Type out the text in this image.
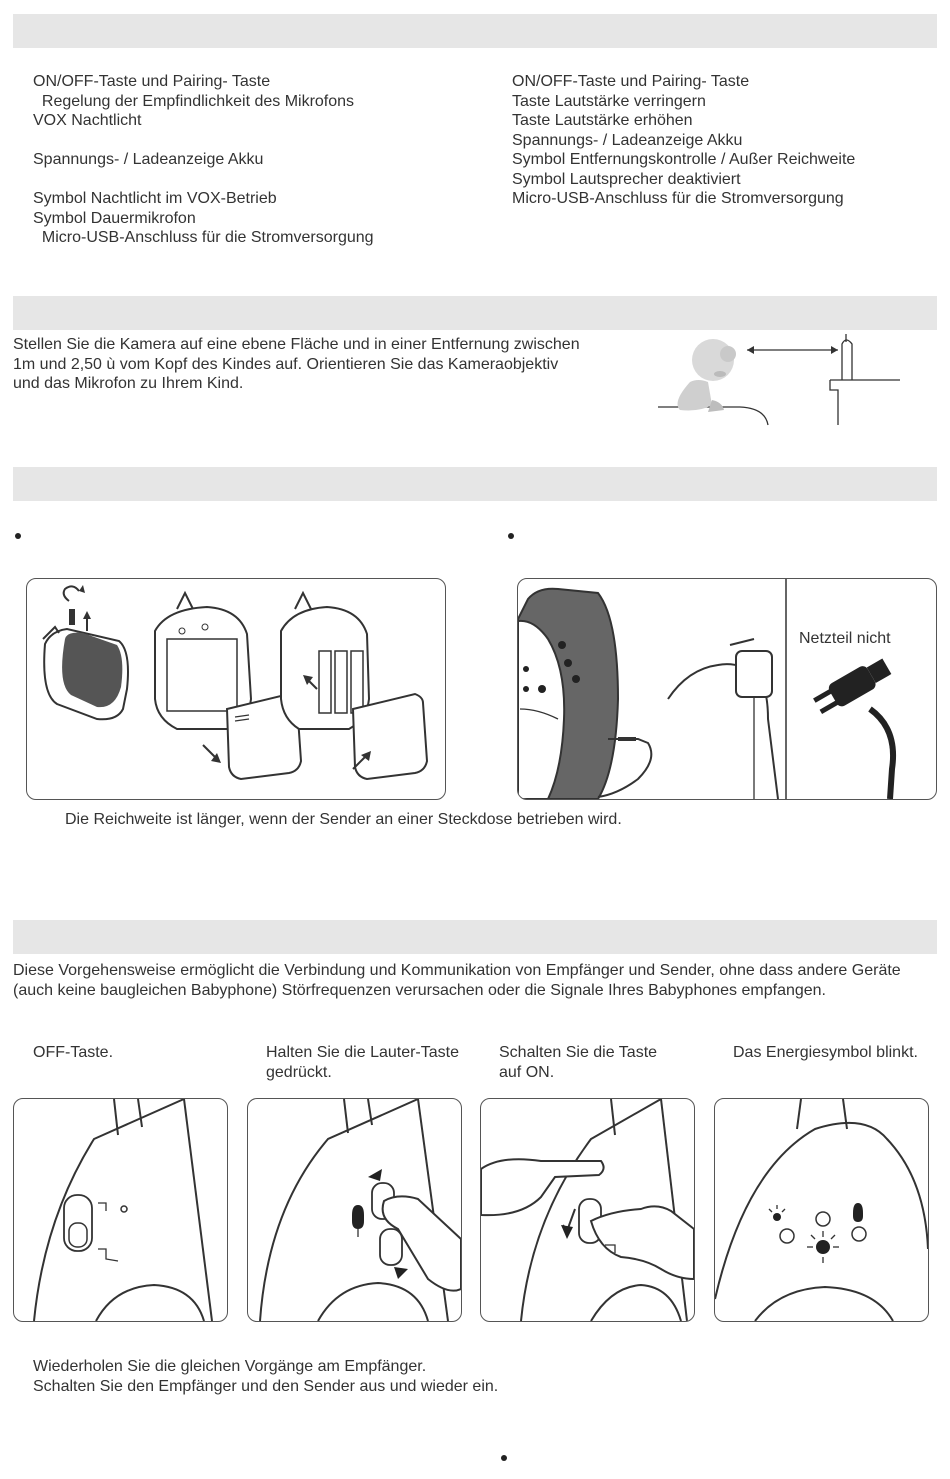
ON/OFF-Taste und Pairing- Taste
Regelung der Empfindlichkeit des Mikrofons
VOX Nachtlicht
Spannungs- / Ladeanzeige Akku
Symbol Nachtlicht im VOX-Betrieb
Symbol Dauermikrofon
Micro-USB-Anschluss für die Stromversorgung
ON/OFF-Taste und Pairing- Taste
Taste Lautstärke verringern
Taste Lautstärke erhöhen
Spannungs- / Ladeanzeige Akku
Symbol Entfernungskontrolle / Außer Reichweite
Symbol Lautsprecher deaktiviert
Micro-USB-Anschluss für die Stromversorgung
Stellen Sie die Kamera auf eine ebene Fläche und in einer Entfernung zwischen
1m und 2,50 ù vom Kopf des Kindes auf. Orientieren Sie das Kameraobjektiv
und das Mikrofon zu Ihrem Kind.
Netzteil nicht
Die Reichweite ist länger, wenn der Sender an einer Steckdose betrieben wird.
Diese Vorgehensweise ermöglicht die Verbindung und Kommunikation von Empfänger und Sender, ohne dass andere Geräte
(auch keine baugleichen Babyphone) Störfrequenzen verursachen oder die Signale Ihres Babyphones empfangen.
OFF-Taste.	Halten Sie die Lauter-Taste
gedrückt.
Schalten Sie die Taste
auf ON.
Das Energiesymbol blinkt.
Wiederholen Sie die gleichen Vorgänge am Empfänger.
Schalten Sie den Empfänger und den Sender aus und wieder ein.
